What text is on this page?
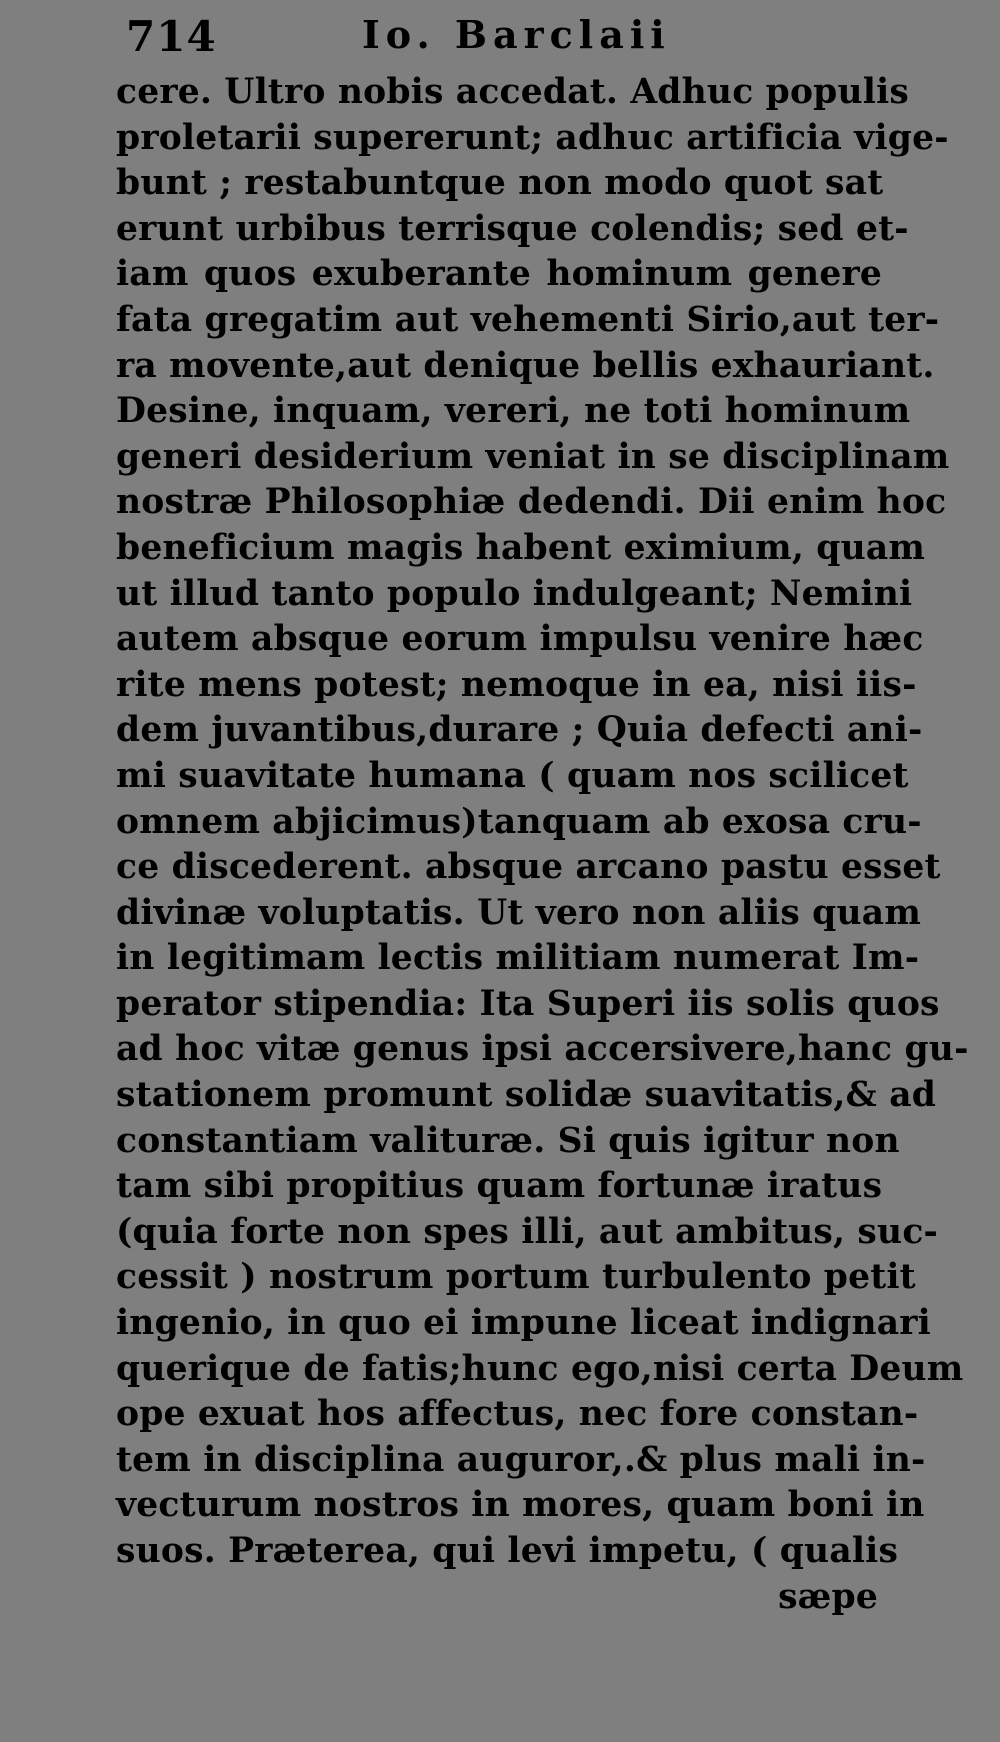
714	Io. Barclaii
cere. Ultro nobis accedat. Adhuc populis
proletarii supererunt; adhuc artificia vige-
bunt ; restabuntque non modo quot sat
erunt urbibus terrisque colendis; sed et-
iam quos exuberante hominum genere
fata gregatim aut vehementi Sirio,aut ter-
ra movente,aut denique bellis exhauriant.
Desine, inquam, vereri, ne toti hominum
generi desiderium veniat in se disciplinam
nostræ Philosophiæ dedendi. Dii enim hoc
beneficium magis habent eximium, quam
ut illud tanto populo indulgeant; Nemini
autem absque eorum impulsu venire hæc
rite mens potest; nemoque in ea, nisi iis-
dem juvantibus,durare ; Quia defecti ani-
mi suavitate humana ( quam nos scilicet
omnem abjicimus)tanquam ab exosa cru-
ce discederent. absque arcano pastu esset
divinæ voluptatis. Ut vero non aliis quam
in legitimam lectis militiam numerat Im-
perator stipendia: Ita Superi iis solis quos
ad hoc vitæ genus ipsi accersivere,hanc gu-
stationem promunt solidæ suavitatis,& ad
constantiam valituræ. Si quis igitur non
tam sibi propitius quam fortunæ iratus
(quia forte non spes illi, aut ambitus, suc-
cessit ) nostrum portum turbulento petit
ingenio, in quo ei impune liceat indignari
querique de fatis;hunc ego,nisi certa Deum
ope exuat hos affectus, nec fore constan-
tem in disciplina auguror,.& plus mali in-
vecturum nostros in mores, quam boni in
suos. Præterea, qui levi impetu, ( qualis
sæpe
